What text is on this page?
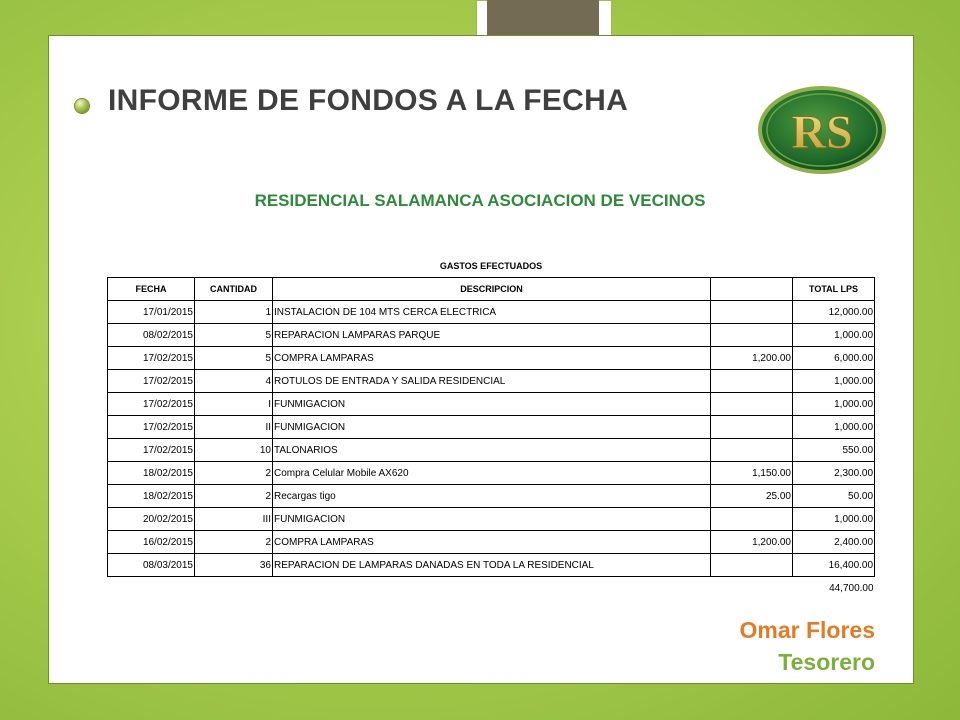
INFORME DE FONDOS A LA FECHA
RS
RESIDENCIAL SALAMANCA ASOCIACION DE VECINOS
GASTOS EFECTUADOS				
FECHA	CANTIDAD	DESCRIPCION		TOTAL LPS
17/01/2015	1	INSTALACION DE 104 MTS CERCA ELECTRICA		12,000.00
08/02/2015	5	REPARACION LAMPARAS PARQUE		1,000.00
17/02/2015	5	COMPRA LAMPARAS	1,200.00	6,000.00
17/02/2015	4	ROTULOS DE ENTRADA Y SALIDA RESIDENCIAL		1,000.00
17/02/2015	I	FUNMIGACION		1,000.00
17/02/2015	II	FUNMIGACION		1,000.00
17/02/2015	10	TALONARIOS		550.00
18/02/2015	2	Compra Celular Mobile AX620	1,150.00	2,300.00
18/02/2015	2	Recargas tigo	25.00	50.00
20/02/2015	III	FUNMIGACION		1,000.00
16/02/2015	2	COMPRA LAMPARAS	1,200.00	2,400.00
08/03/2015	36	REPARACION DE LAMPARAS DANADAS EN TODA LA RESIDENCIAL		16,400.00
				44,700.00
Omar Flores
Tesorero
